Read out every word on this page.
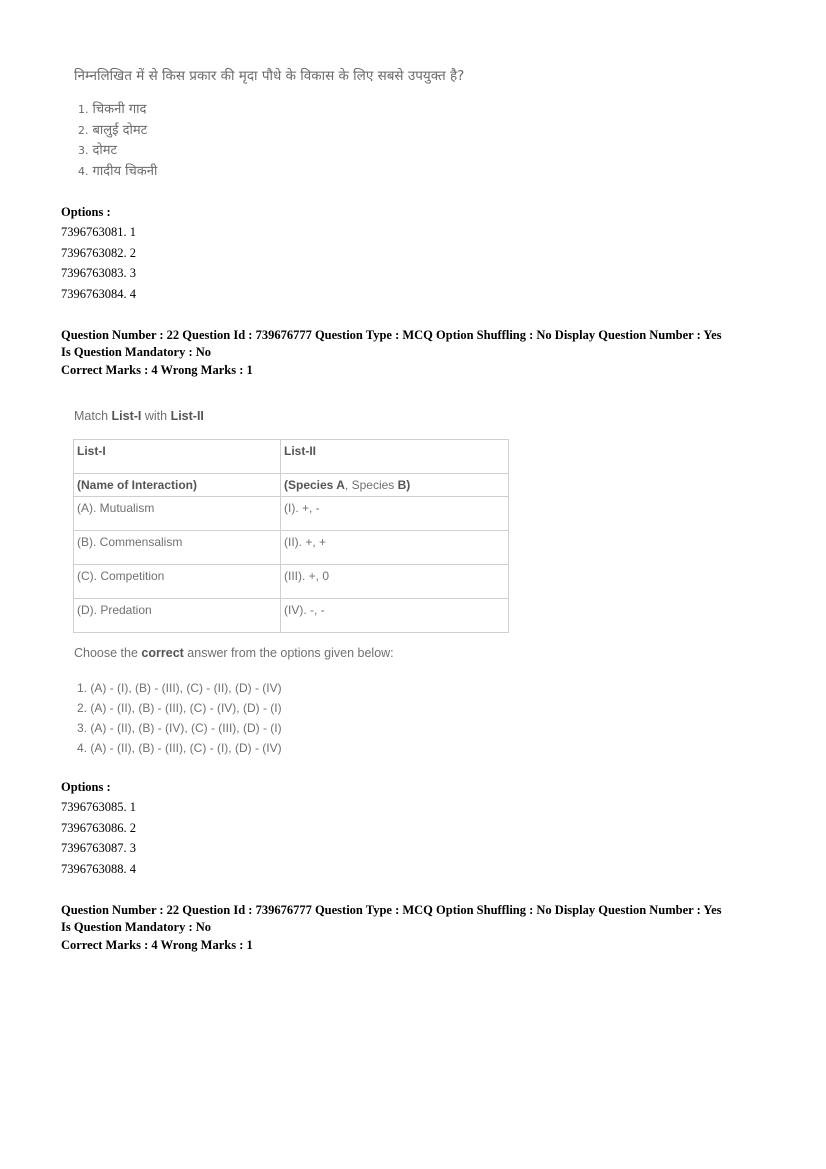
निम्नलिखित में से किस प्रकार की मृदा पौधे के विकास के लिए सबसे उपयुक्त है?
1. चिकनी गाद
2. बालुई दोमट
3. दोमट
4. गादीय चिकनी
Options :
7396763081. 1
7396763082. 2
7396763083. 3
7396763084. 4
Question Number : 22 Question Id : 739676777 Question Type : MCQ Option Shuffling : No Display Question Number : Yes
Is Question Mandatory : No
Correct Marks : 4 Wrong Marks : 1
Match List-I with List-II
List-I	List-II
(Name of Interaction)	(Species A, Species B)
(A). Mutualism	(I). +, -
(B). Commensalism	(II). +, +
(C). Competition	(III). +, 0
(D). Predation	(IV). -, -
Choose the correct answer from the options given below:
1. (A) - (I), (B) - (III), (C) - (II), (D) - (IV)
2. (A) - (II), (B) - (III), (C) - (IV), (D) - (I)
3. (A) - (II), (B) - (IV), (C) - (III), (D) - (I)
4. (A) - (II), (B) - (III), (C) - (I), (D) - (IV)
Options :
7396763085. 1
7396763086. 2
7396763087. 3
7396763088. 4
Question Number : 22 Question Id : 739676777 Question Type : MCQ Option Shuffling : No Display Question Number : Yes
Is Question Mandatory : No
Correct Marks : 4 Wrong Marks : 1
